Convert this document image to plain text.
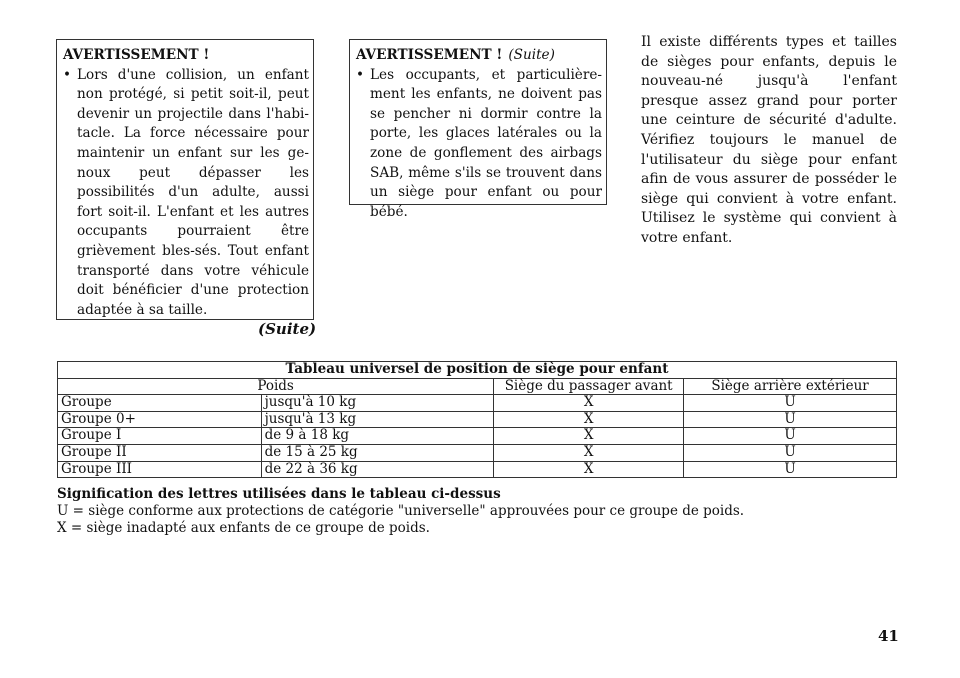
AVERTISSEMENT !
• Lors d'une collision, un enfant non protégé, si petit soit-il, peut devenir un projectile dans l'habi-tacle. La force nécessaire pour maintenir un enfant sur les ge-noux peut dépasser les possibilités d'un adulte, aussi fort soit-il. L'enfant et les autres occupants pourraient être grièvement bles-sés. Tout enfant transporté dans votre véhicule doit bénéficier d'une protection adaptée à sa taille.
(Suite)
AVERTISSEMENT ! (Suite)
• Les occupants, et particulière-ment les enfants, ne doivent pas se pencher ni dormir contre la porte, les glaces latérales ou la zone de gonflement des airbags SAB, même s'ils se trouvent dans un siège pour enfant ou pour bébé.
Il existe différents types et tailles de sièges pour enfants, depuis le nouveau-né jusqu'à l'enfant presque assez grand pour porter une ceinture de sécurité d'adulte. Vérifiez toujours le manuel de l'utilisateur du siège pour enfant afin de vous assurer de posséder le siège qui convient à votre enfant. Utilisez le système qui convient à votre enfant.
Tableau universel de position de siège pour enfant			
Poids		Siège du passager avant	Siège arrière extérieur
Groupe	jusqu'à 10 kg	X	U
Groupe 0+	jusqu'à 13 kg	X	U
Groupe I	de 9 à 18 kg	X	U
Groupe II	de 15 à 25 kg	X	U
Groupe III	de 22 à 36 kg	X	U
Signification des lettres utilisées dans le tableau ci-dessus
U = siège conforme aux protections de catégorie "universelle" approuvées pour ce groupe de poids.
X = siège inadapté aux enfants de ce groupe de poids.
41
